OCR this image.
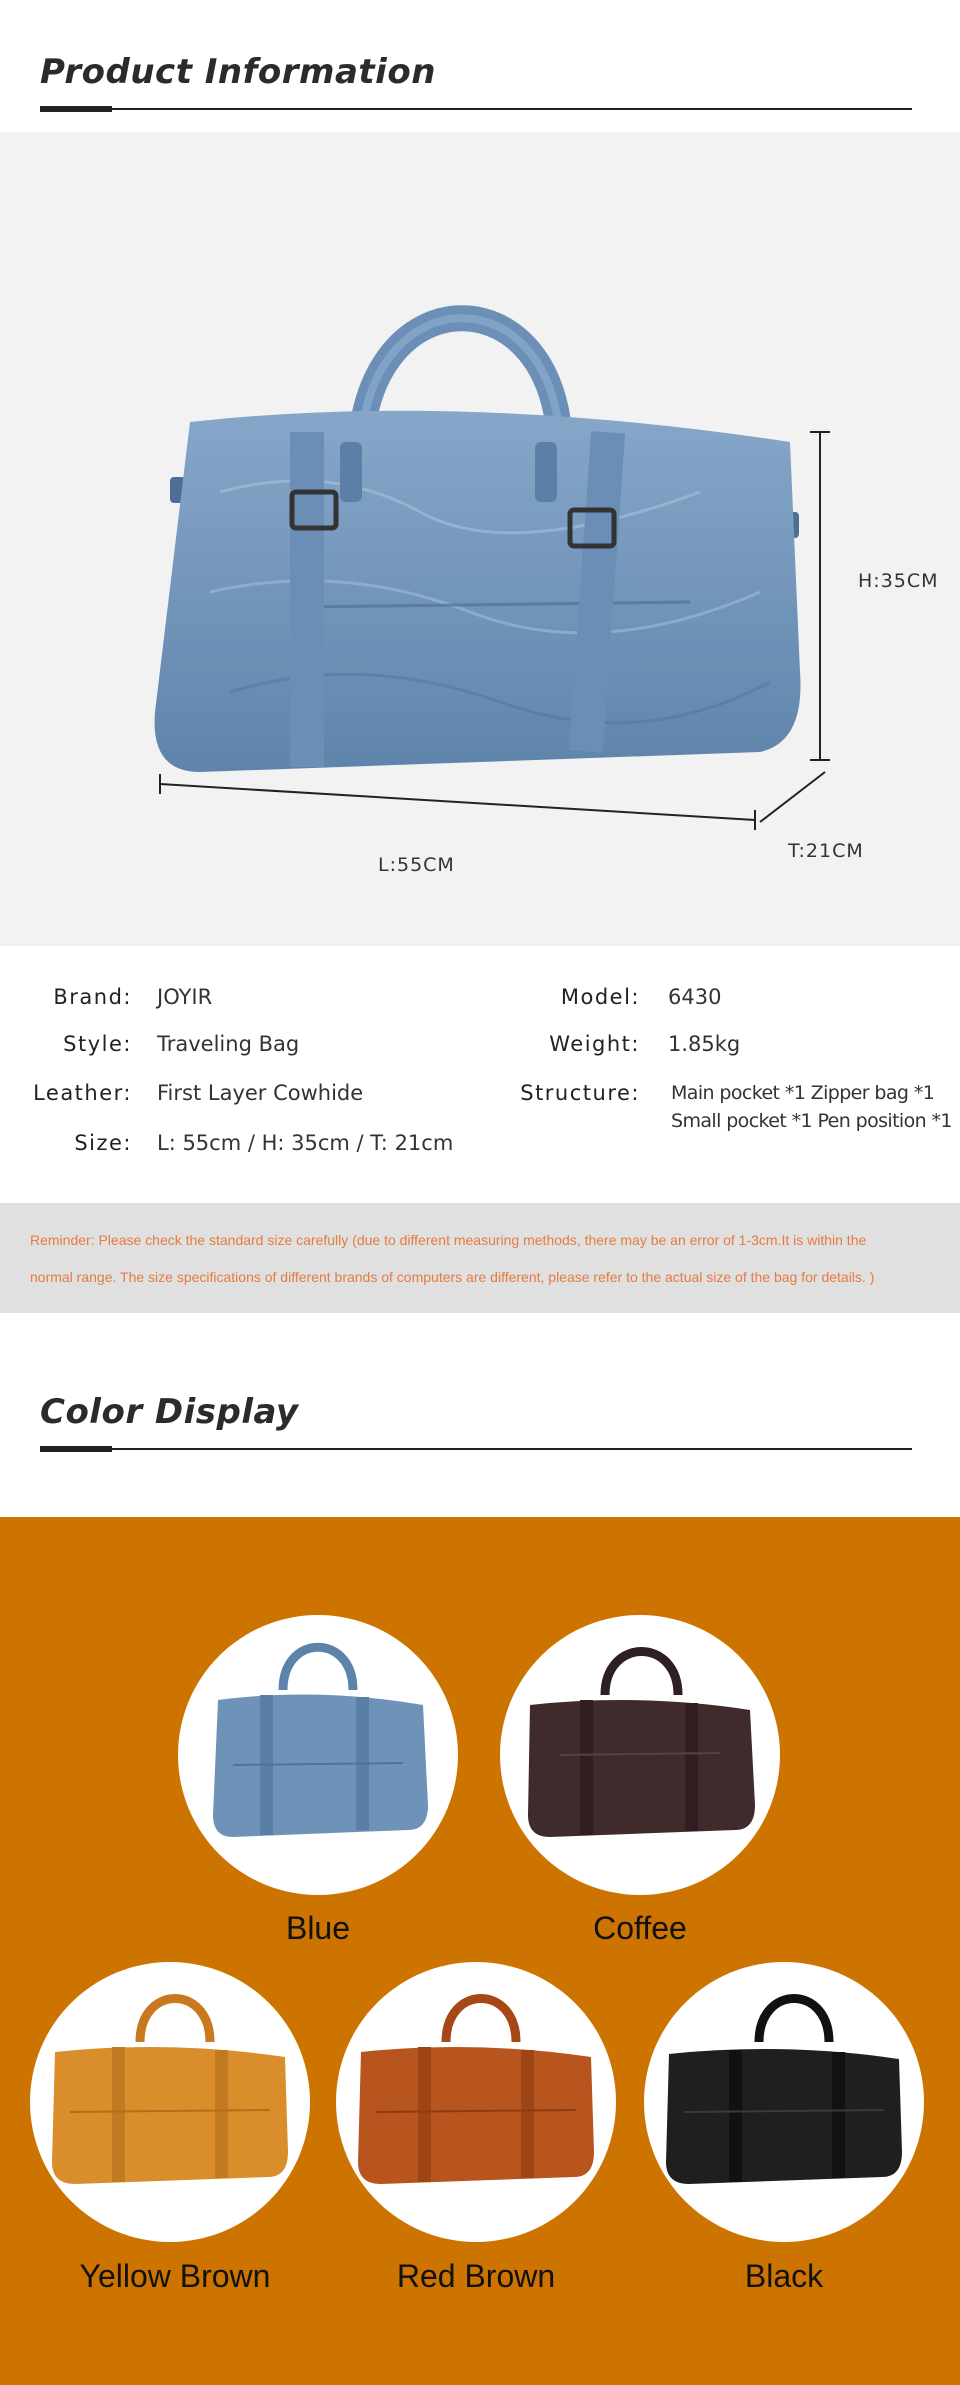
Product Information
H:35CM
L:55CM
T:21CM
Brand: JOYIR
Style: Traveling Bag
Leather: First Layer Cowhide
Size: L: 55cm / H: 35cm / T: 21cm
Model: 6430
Weight: 1.85kg
Structure: Main pocket *1 Zipper bag *1
Small pocket *1 Pen position *1

Reminder: Please check the standard size carefully (due to different measuring methods, there may be an error of 1-3cm.It is within the

normal range. The size specifications of different brands of computers are different, please refer to the actual size of the bag for details. )

Color Display
Blue	Coffee
Yellow Brown	Red Brown	Black
